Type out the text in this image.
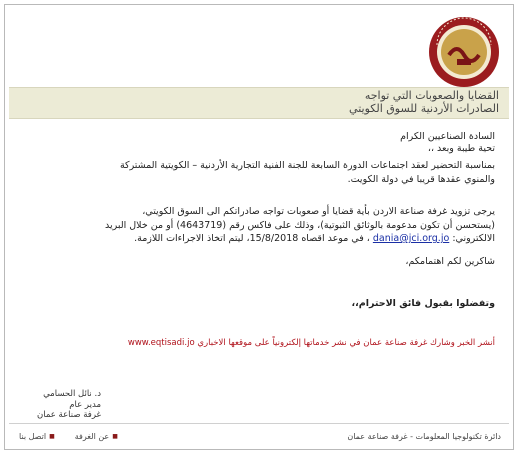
القضايا والصعوبات التي تواجه
الصادرات الأردنية للسوق الكويتي
السادة الصناعيين الكرام
تحية طيبة وبعد ،،
بمناسبة التحضير لعقد اجتماعات الدورة السابعة للجنة الفنية التجارية الأردنية – الكويتية المشتركة
والمنوي عقدها قريبا في دولة الكويت.
يرجى تزويد غرفة صناعة الاردن بأية قضايا أو صعوبات تواجه صادراتكم الى السوق الكويتي،
(يستحسن أن تكون مدعومة بالوثائق الثبوتية)، وذلك على فاكس رقم (4643719) أو من خلال البريد
الالكتروني: dania@jci.org.jo ، في موعد اقصاه 15/8/2018، ليتم اتخاذ الاجراءات اللازمة.
شاكرين لكم اهتمامكم،
وتفضلوا بقبول فائق الاحترام،،
أنشر الخبر وشارك غرفة صناعة عمان في نشر خدماتها إلكترونياً على موقعها الاخباري www.eqtisadi.jo
د. نائل الحسامي
مدير عام
غرفة صناعة عمان
دائرة تكنولوجيا المعلومات - غرفة صناعة عمان
■عن الغرفة
■اتصل بنا
